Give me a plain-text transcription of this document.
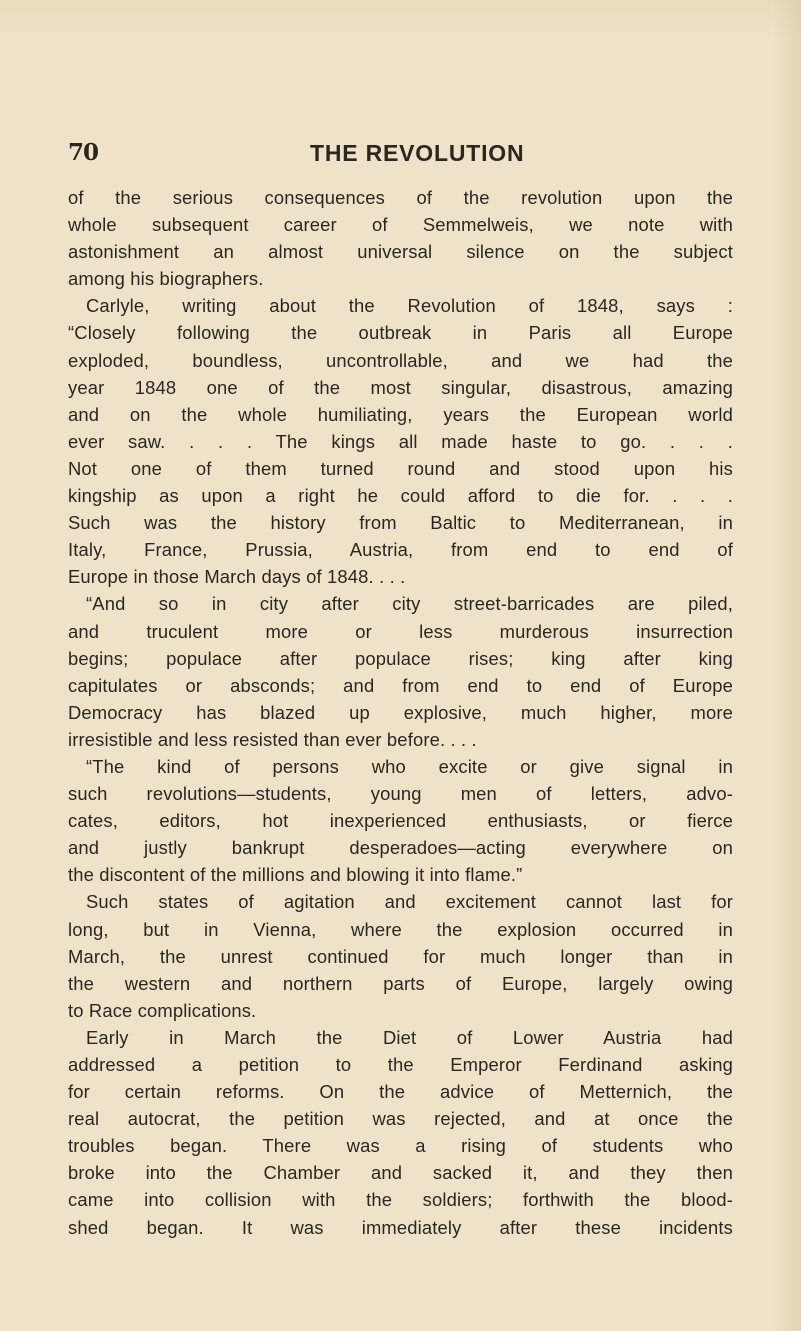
70	THE REVOLUTION
of the serious consequences of the revolution upon the
whole subsequent career of Semmelweis, we note with
astonishment an almost universal silence on the subject
among his biographers.
Carlyle, writing about the Revolution of 1848, says :
“Closely following the outbreak in Paris all Europe
exploded, boundless, uncontrollable, and we had the
year 1848 one of the most singular, disastrous, amazing
and on the whole humiliating, years the European world
ever saw. . . . The kings all made haste to go. . . .
Not one of them turned round and stood upon his
kingship as upon a right he could afford to die for. . . .
Such was the history from Baltic to Mediterranean, in
Italy, France, Prussia, Austria, from end to end of
Europe in those March days of 1848. . . .
“And so in city after city street-barricades are piled,
and truculent more or less murderous insurrection
begins; populace after populace rises; king after king
capitulates or absconds; and from end to end of Europe
Democracy has blazed up explosive, much higher, more
irresistible and less resisted than ever before. . . .
“The kind of persons who excite or give signal in
such revolutions—students, young men of letters, advo-
cates, editors, hot inexperienced enthusiasts, or fierce
and justly bankrupt desperadoes—acting everywhere on
the discontent of the millions and blowing it into flame.”
Such states of agitation and excitement cannot last for
long, but in Vienna, where the explosion occurred in
March, the unrest continued for much longer than in
the western and northern parts of Europe, largely owing
to Race complications.
Early in March the Diet of Lower Austria had
addressed a petition to the Emperor Ferdinand asking
for certain reforms. On the advice of Metternich, the
real autocrat, the petition was rejected, and at once the
troubles began. There was a rising of students who
broke into the Chamber and sacked it, and they then
came into collision with the soldiers; forthwith the blood-
shed began. It was immediately after these incidents
